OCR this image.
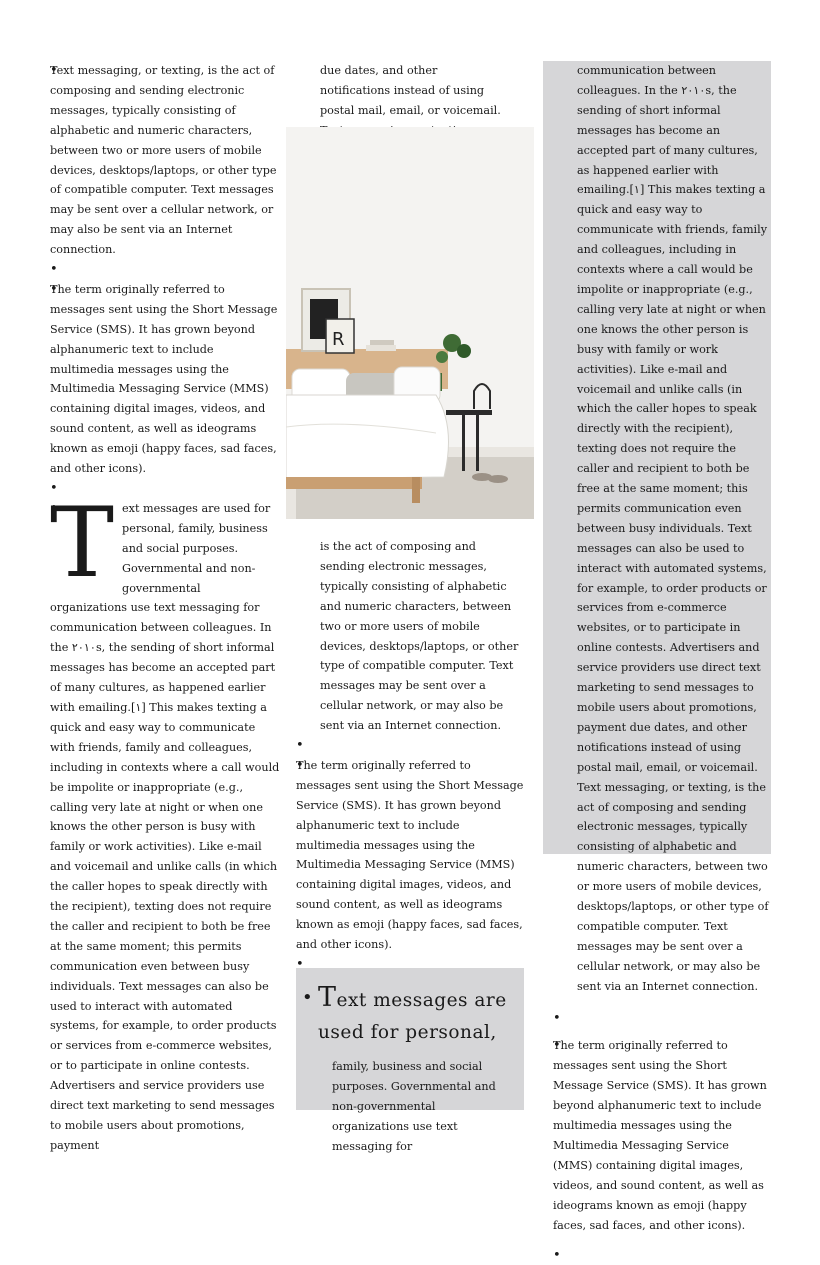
• Text messaging, or texting, is the act of composing and sending electronic messages, typically consisting of alphabetic and numeric characters, between two or more users of mobile devices, desktops/laptops, or other type of compatible computer. Text messages may be sent over a cellular network, or may also be sent via an Internet connection.

•

• The term originally referred to messages sent using the Short Message Service (SMS). It has grown beyond alphanumeric text to include multimedia messages using the Multimedia Messaging Service (MMS) containing digital images, videos, and sound content, as well as ideograms known as emoji (happy faces, sad faces, and other icons).

•

• Text messages are used for personal, family, business and social purposes. Governmental and non-governmental organizations use text messaging for communication between colleagues. In the ٢٠١٠s, the sending of short informal messages has become an accepted part of many cultures, as happened earlier with emailing.[١] This makes texting a quick and easy way to communicate with friends, family and colleagues, including in contexts where a call would be impolite or inappropriate (e.g., calling very late at night or when one knows the other person is busy with family or work activities). Like e-mail and voicemail and unlike calls (in which the caller hopes to speak directly with the recipient), texting does not require the caller and recipient to both be free at the same moment; this permits communication even between busy individuals. Text messages can also be used to interact with automated systems, for example, to order products or services from e-commerce websites, or to participate in online contests. Advertisers and service providers use direct text marketing to send messages to mobile users about promotions, payment

due dates, and other notifications instead of using postal mail, email, or voicemail.

R

is the act of composing and sending electronic messages, typically consisting of alphabetic and numeric characters, between two or more users of mobile devices, desktops/laptops, or other type of compatible computer. Text messages may be sent over a cellular network, or may also be sent via an Internet connection.

•

• The term originally referred to messages sent using the Short Message Service (SMS). It has grown beyond alphanumeric text to include multimedia messages using the Multimedia Messaging Service (MMS) containing digital images, videos, and sound content, as well as ideograms known as emoji (happy faces, sad faces, and other icons).

•

• Text messages are
used for personal,

family, business and social purposes. Governmental and non-governmental organizations use text messaging for

communication between colleagues. In the ٢٠١٠s, the sending of short informal messages has become an accepted part of many cultures, as happened earlier with emailing.[١] This makes texting a quick and easy way to communicate with friends, family and colleagues, including in contexts where a call would be impolite or inappropriate (e.g., calling very late at night or when one knows the other person is busy with family or work activities). Like e-mail and voicemail and unlike calls (in which the caller hopes to speak directly with the recipient), texting does not require the caller and recipient to both be free at the same moment; this permits communication even between busy individuals. Text messages can also be used to interact with automated systems, for example, to order products or services from e-commerce websites, or to participate in online contests. Advertisers and service providers use direct text marketing to send messages to mobile users about promotions, payment due dates, and other notifications instead of using postal mail, email, or voicemail. Text messaging, or texting, is the act of composing and sending electronic messages, typically consisting of alphabetic and numeric characters, between two or more users of mobile devices, desktops/laptops, or other type of compatible computer. Text messages may be sent over a cellular network, or may also be sent via an Internet connection.

•

• The term originally referred to messages sent using the Short Message Service (SMS). It has grown beyond alphanumeric text to include multimedia messages using the Multimedia Messaging Service (MMS) containing digital images, videos, and sound content, as well as ideograms known as emoji (happy faces, sad faces, and other icons).

•
